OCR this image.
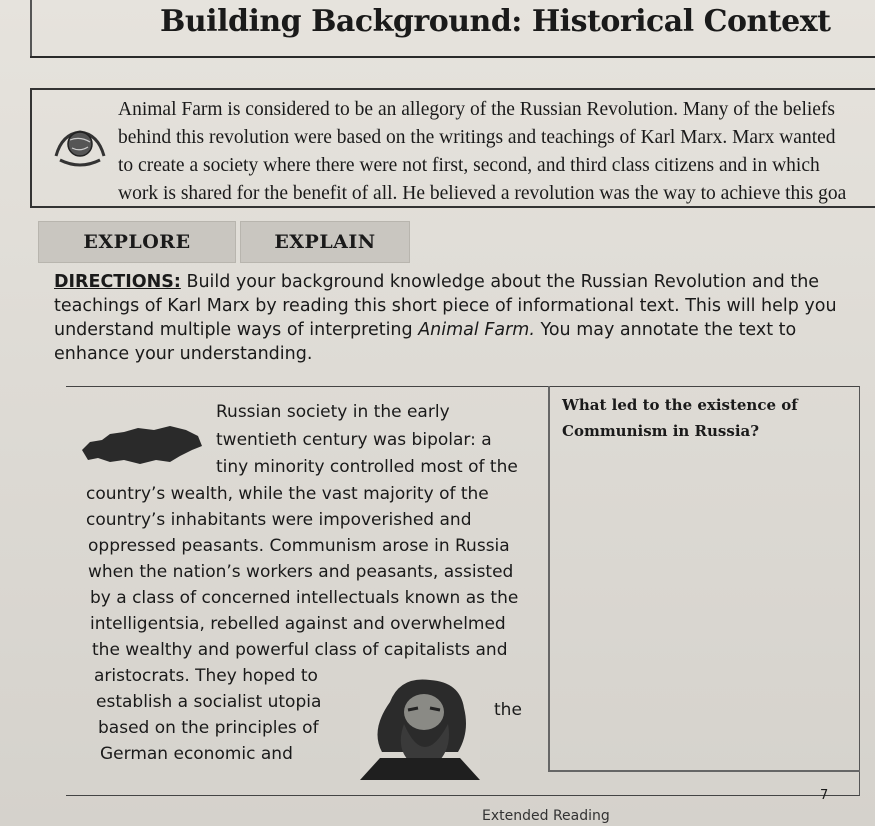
Building Background: Historical Context

Animal Farm is considered to be an allegory of the Russian Revolution. Many of the beliefs

behind this revolution were based on the writings and teachings of Karl Marx. Marx wanted

to create a society where there were not first, second, and third class citizens and in which

work is shared for the benefit of all. He believed a revolution was the way to achieve this goa

EXPLORE	EXPLAIN

DIRECTIONS: Build your background knowledge about the Russian Revolution and the

teachings of Karl Marx by reading this short piece of informational text. This will help you

understand multiple ways of interpreting Animal Farm. You may annotate the text to

enhance your understanding.

Russian society in the early
twentieth century was bipolar: a
tiny minority controlled most of the
country’s wealth, while the vast majority of the
country’s inhabitants were impoverished and
oppressed peasants. Communism arose in Russia
when the nation’s workers and peasants, assisted
by a class of concerned intellectuals known as the
intelligentsia, rebelled against and overwhelmed
the wealthy and powerful class of capitalists and
aristocrats. They hoped to
establish a socialist utopia
based on the principles of
German economic and
the
What led to the existence of
Communism in Russia?
7
Extended Reading
